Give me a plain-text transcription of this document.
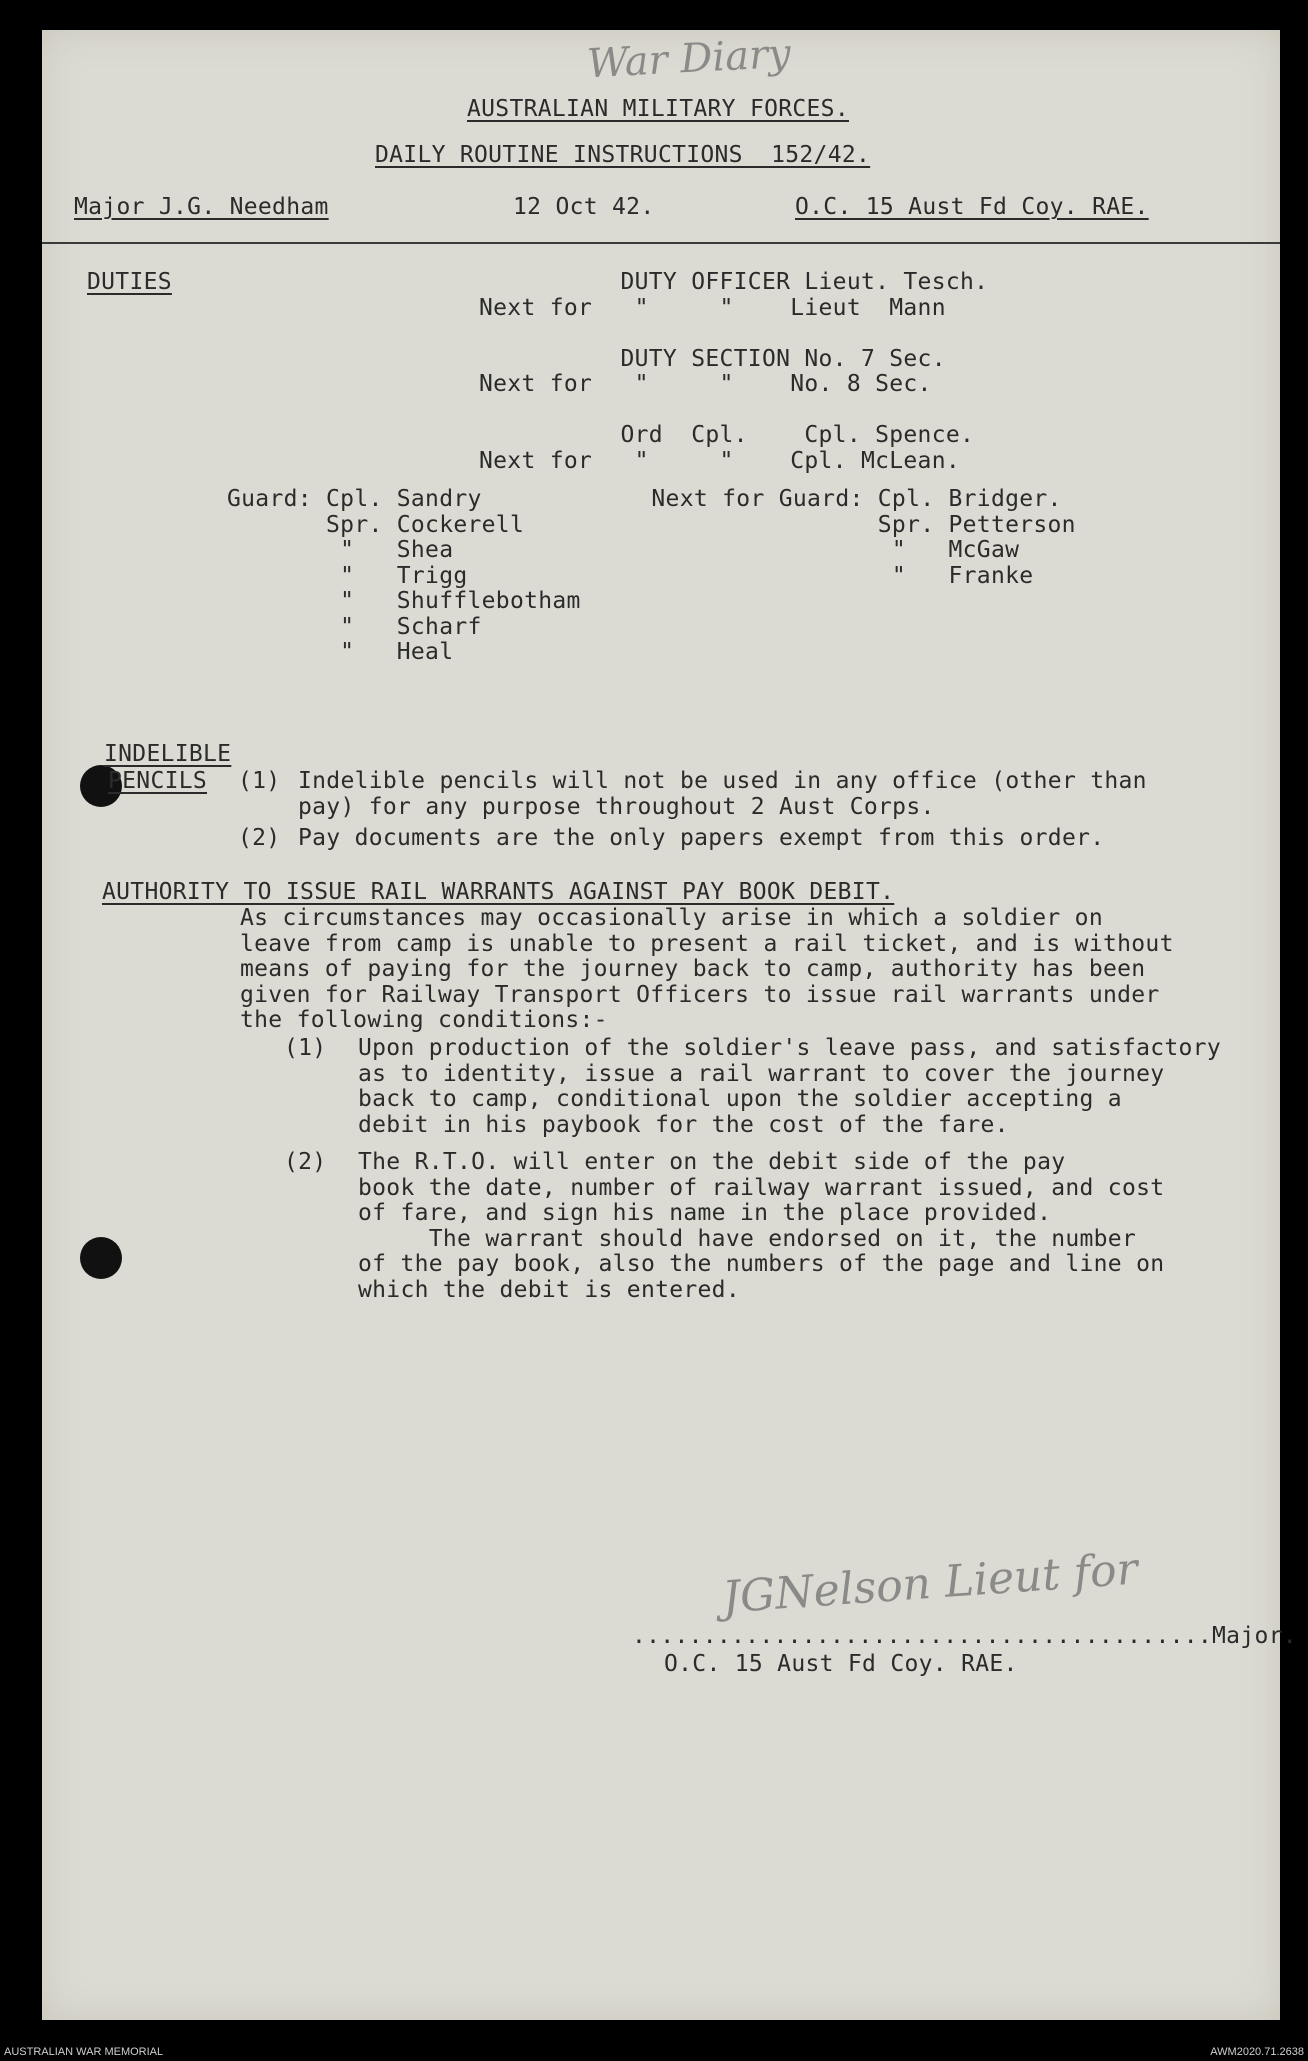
War Diary
AUSTRALIAN MILITARY FORCES.
DAILY ROUTINE INSTRUCTIONS  152/42.
Major J.G. Needham	12 Oct 42.	O.C. 15 Aust Fd Coy. RAE.
DUTIES	DUTY OFFICER Lieut. Tesch.
Next for   "     "    Lieut  Mann
DUTY SECTION No. 7 Sec.
Next for   "     "    No. 8 Sec.
Ord  Cpl.    Cpl. Spence.
Next for   "     "    Cpl. McLean.
Guard: Cpl. Sandry            Next for Guard: Cpl. Bridger.
Spr. Cockerell                         Spr. Petterson
"   Shea                               "   McGaw
"   Trigg                              "   Franke
"   Shufflebotham
"   Scharf
"   Heal
INDELIBLE
PENCILS (1) Indelible pencils will not be used in any office (other than
pay) for any purpose throughout 2 Aust Corps.
(2) Pay documents are the only papers exempt from this order.
AUTHORITY TO ISSUE RAIL WARRANTS AGAINST PAY BOOK DEBIT.
As circumstances may occasionally arise in which a soldier on
leave from camp is unable to present a rail ticket, and is without
means of paying for the journey back to camp, authority has been
given for Railway Transport Officers to issue rail warrants under
the following conditions:-
(1) Upon production of the soldier's leave pass, and satisfactory
as to identity, issue a rail warrant to cover the journey
back to camp, conditional upon the soldier accepting a
debit in his paybook for the cost of the fare.
(2) The R.T.O. will enter on the debit side of the pay
book the date, number of railway warrant issued, and cost
of fare, and sign his name in the place provided.
The warrant should have endorsed on it, the number
of the pay book, also the numbers of the page and line on
which the debit is entered.
JGNelson Lieut for
.........................................Major.
O.C. 15 Aust Fd Coy. RAE.
AUSTRALIAN WAR MEMORIAL	AWM2020.71.2638
